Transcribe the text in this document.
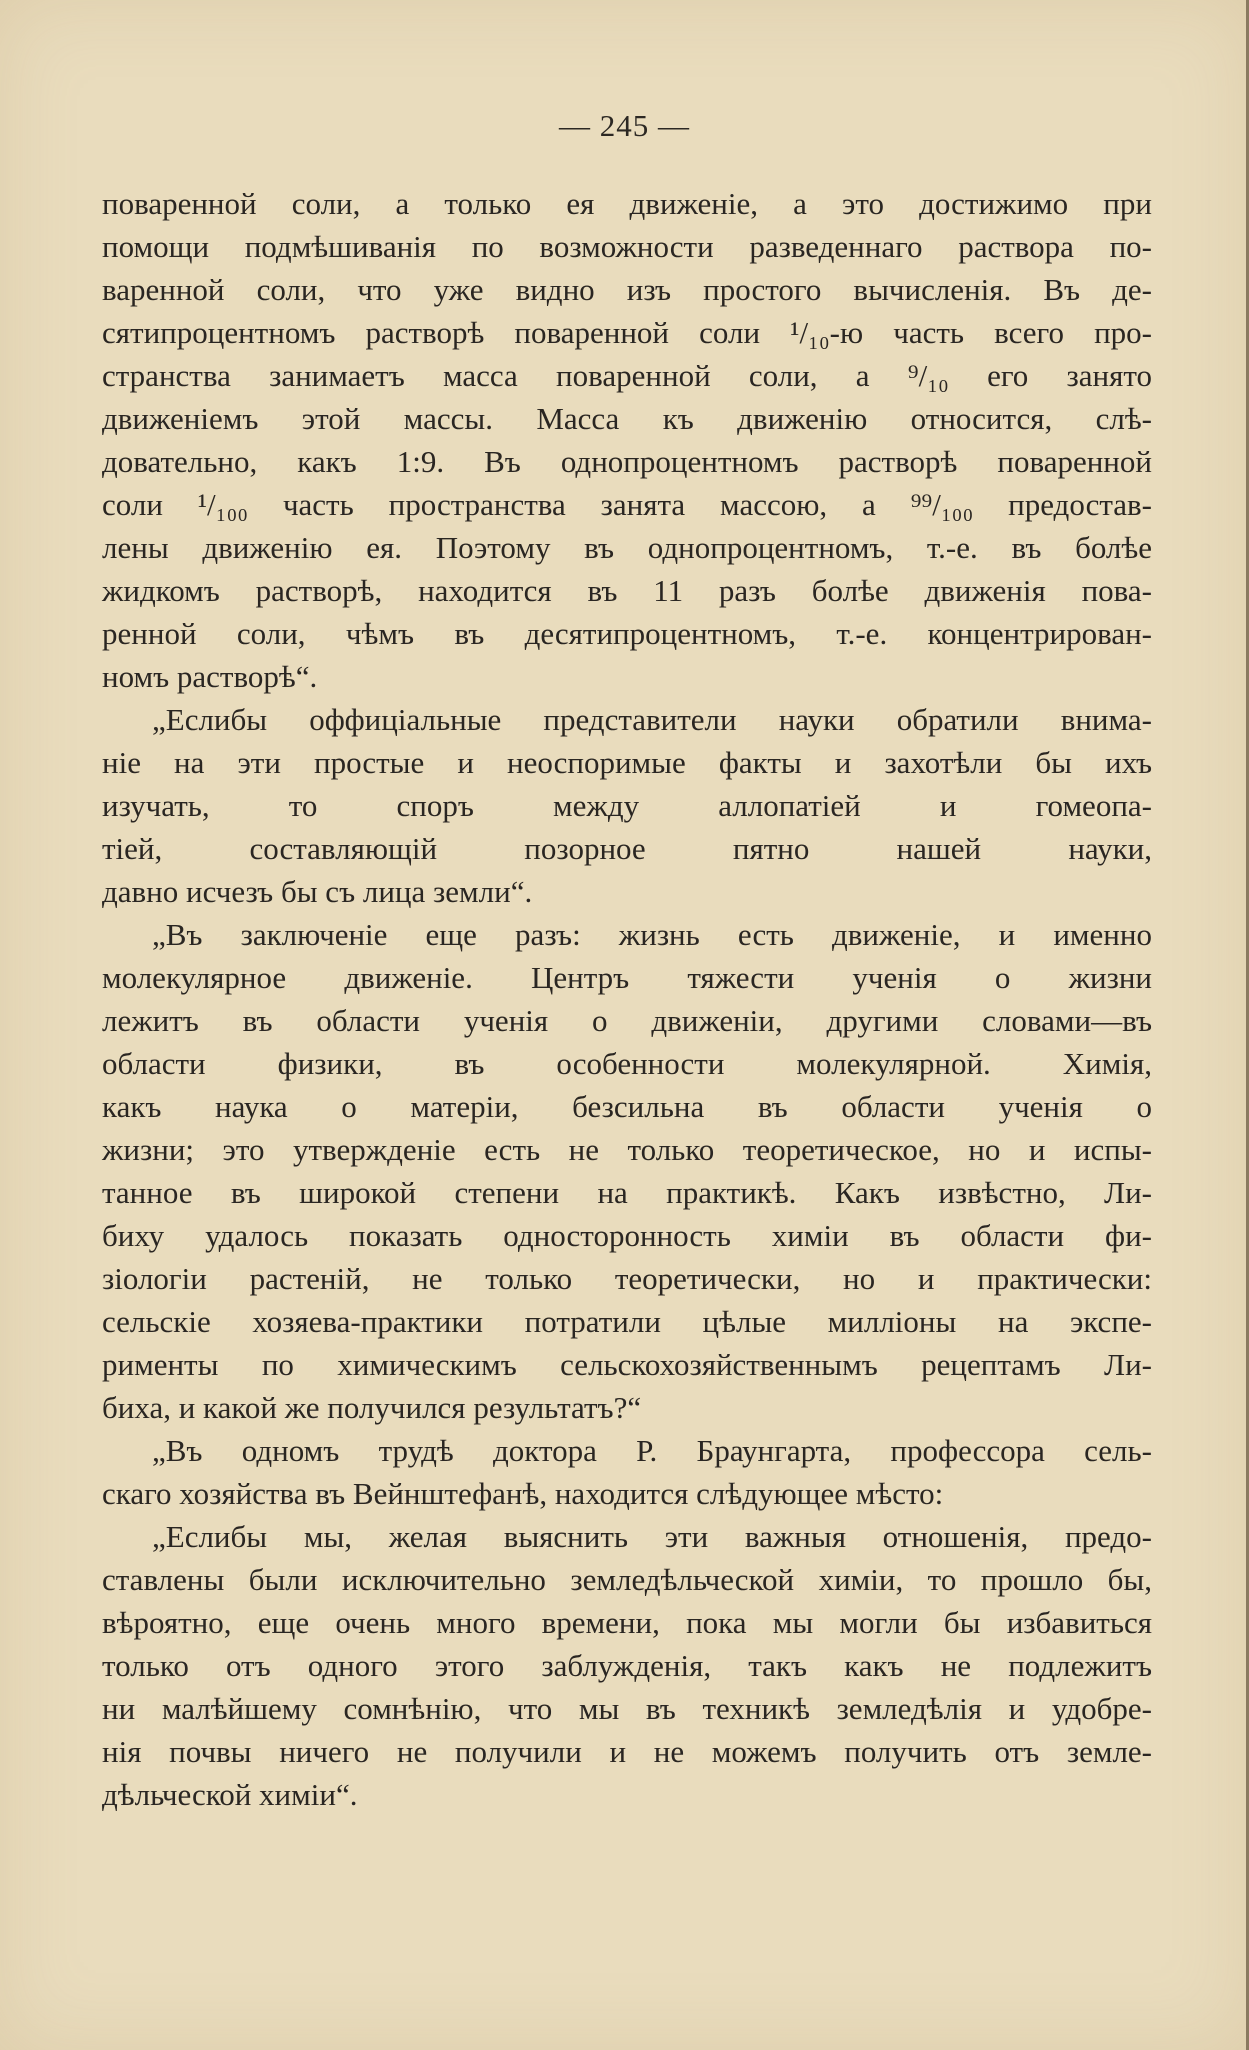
— 245 —
поваренной соли, а только ея движеніе, а это достижимо при
помощи подмѣшиванія по возможности разведеннаго раствора по-
варенной соли, что уже видно изъ простого вычисленія. Въ де-
сятипроцентномъ растворѣ поваренной соли ¹/₁₀-ю часть всего про-
странства занимаетъ масса поваренной соли, а ⁹/₁₀ его занято
движеніемъ этой массы. Масса къ движенію относится, слѣ-
довательно, какъ 1:9. Въ однопроцентномъ растворѣ поваренной
соли ¹/₁₀₀ часть пространства занята массою, а ⁹⁹/₁₀₀ предостав-
лены движенію ея. Поэтому въ однопроцентномъ, т.-е. въ болѣе
жидкомъ растворѣ, находится въ 11 разъ болѣе движенія пова-
ренной соли, чѣмъ въ десятипроцентномъ, т.-е. концентрирован-
номъ растворѣ“.
„Еслибы оффиціальные представители науки обратили внима-
ніе на эти простые и неоспоримые факты и захотѣли бы ихъ
изучать, то споръ между аллопатіей и гомеопа-
тіей, составляющій позорное пятно нашей науки,
давно исчезъ бы съ лица земли“.
„Въ заключеніе еще разъ: жизнь есть движеніе, и именно
молекулярное движеніе. Центръ тяжести ученія о жизни
лежитъ въ области ученія о движеніи, другими словами—въ
области физики, въ особенности молекулярной. Химія,
какъ наука о матеріи, безсильна въ области ученія о
жизни; это утвержденіе есть не только теоретическое, но и испы-
танное въ широкой степени на практикѣ. Какъ извѣстно, Ли-
биху удалось показать односторонность химіи въ области фи-
зіологіи растеній, не только теоретически, но и практически:
сельскіе хозяева-практики потратили цѣлые милліоны на экспе-
рименты по химическимъ сельскохозяйственнымъ рецептамъ Ли-
биха, и какой же получился результатъ?“
„Въ одномъ трудѣ доктора Р. Браунгарта, профессора сель-
скаго хозяйства въ Вейнштефанѣ, находится слѣдующее мѣсто:
„Еслибы мы, желая выяснить эти важныя отношенія, предо-
ставлены были исключительно земледѣльческой химіи, то прошло бы,
вѣроятно, еще очень много времени, пока мы могли бы избавиться
только отъ одного этого заблужденія, такъ какъ не подлежитъ
ни малѣйшему сомнѣнію, что мы въ техникѣ земледѣлія и удобре-
нія почвы ничего не получили и не можемъ получить отъ земле-
дѣльческой химіи“.
